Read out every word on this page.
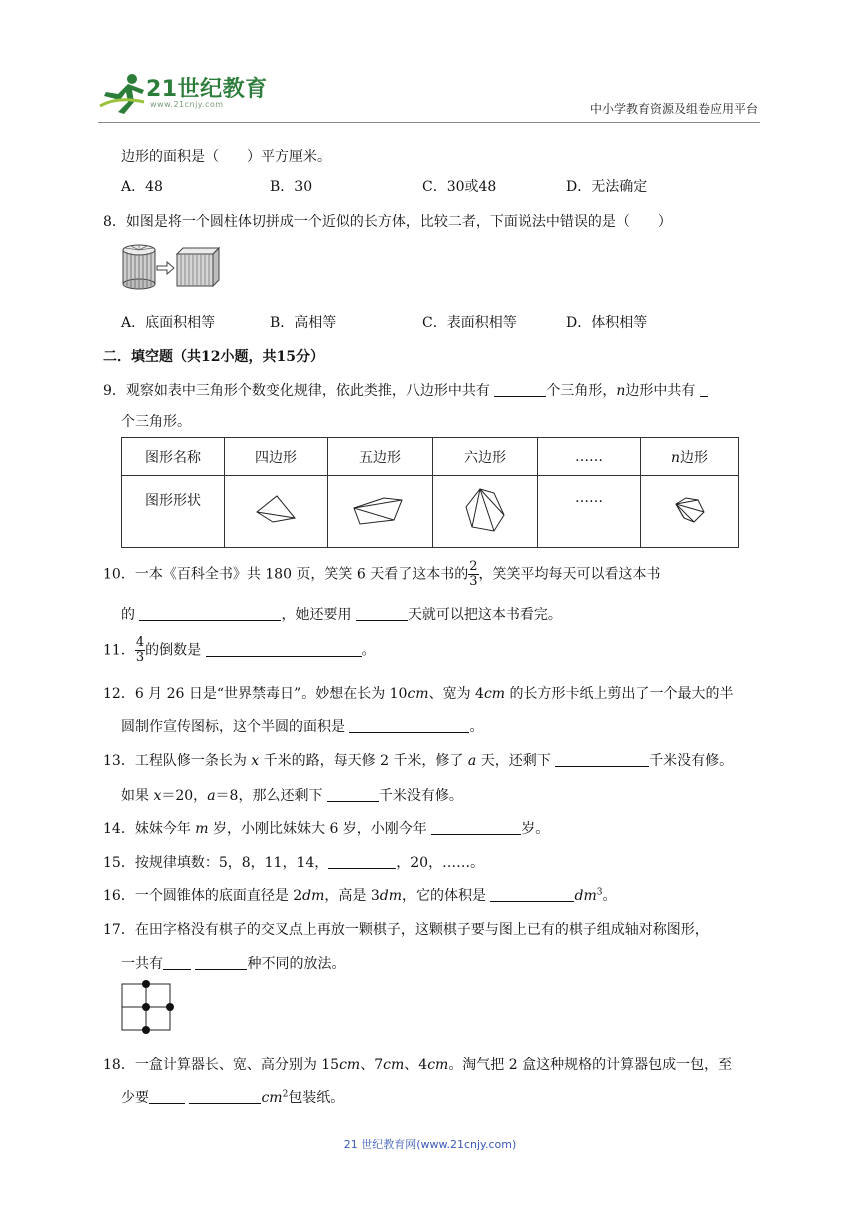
21世纪教育
www.21cnjy.com	中小学教育资源及组卷应用平台
边形的面积是（　　）平方厘米。
A．48	B．30	C．30或48	D．无法确定
8．如图是将一个圆柱体切拼成一个近似的长方体，比较二者，下面说法中错误的是（　　）
A．底面积相等	B．高相等	C．表面积相等	D．体积相等
二．填空题（共12小题，共15分）
9．观察如表中三角形个数变化规律，依此类推，八边形中共有	个三角形，n边形中共有
个三角形。
图形名称	四边形	五边形	六边形	……	n边形
图形形状				……	
10．一本《百科全书》共 180 页，笑笑 6 天看了这本书的 $\frac{2}{3}$ ，笑笑平均每天可以看这本书
的	，她还要用	天就可以把这本书看完。
11． $\frac{4}{3}$ 的倒数是	。
12．6 月 26 日是“世界禁毒日”。妙想在长为 10cm、宽为 4cm 的长方形卡纸上剪出了一个最大的半
圆制作宣传图标，这个半圆的面积是	。
13．工程队修一条长为 x 千米的路，每天修 2 千米，修了 a 天，还剩下	千米没有修。
如果 x＝20，a＝8，那么还剩下	千米没有修。
14．妹妹今年 m 岁，小刚比妹妹大 6 岁，小刚今年	岁。
15．按规律填数：5，8，11，14，	，20，……。
16．一个圆锥体的底面直径是 2dm，高是 3dm，它的体积是	$dm^3$。
17．在田字格没有棋子的交叉点上再放一颗棋子，这颗棋子要与图上已有的棋子组成轴对称图形，
一共有	种不同的放法。
18．一盒计算器长、宽、高分别为 15cm、7cm、4cm。淘气把 2 盒这种规格的计算器包成一包，至
少要	$cm^2$包装纸。
21 世纪教育网(www.21cnjy.com)
